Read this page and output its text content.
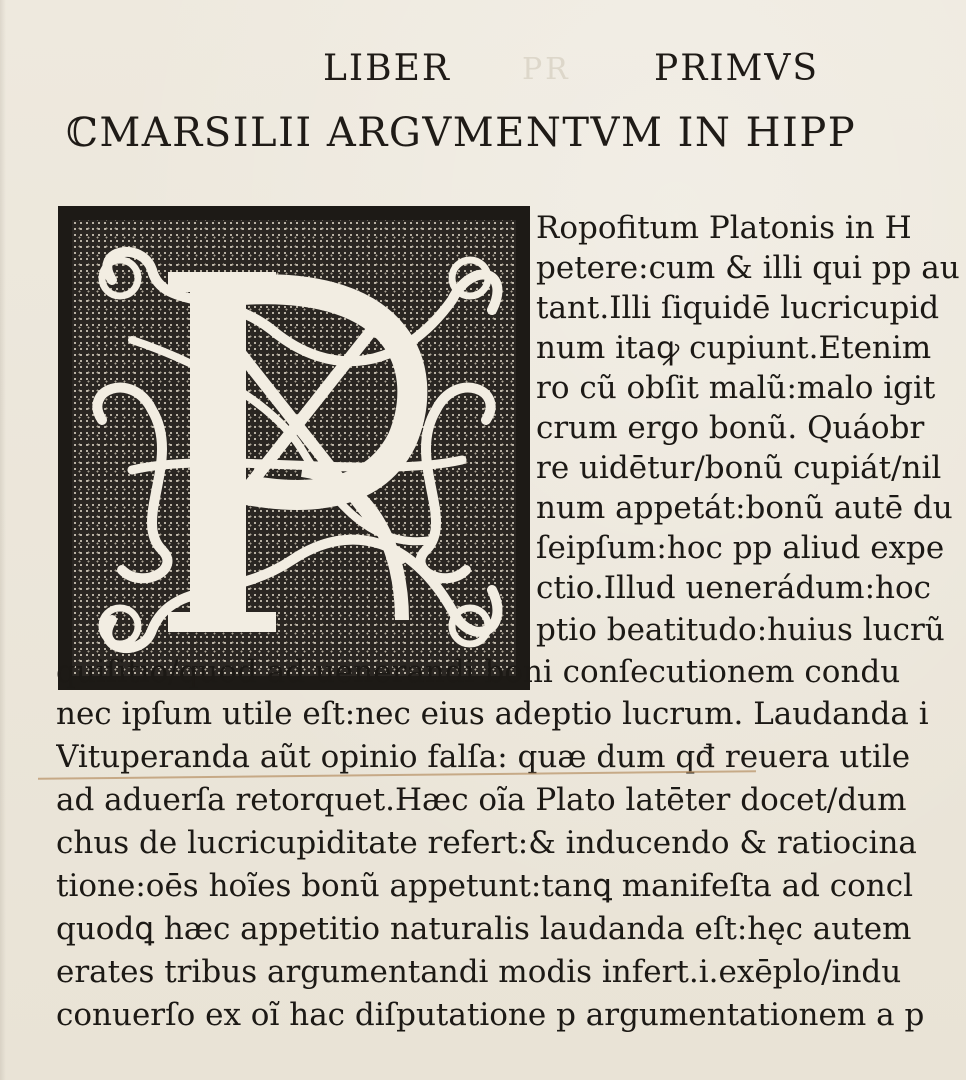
PR
LIBER	PRIMVS
ℂMARSILII ARGVMENTVM IN HIPP
Ropofitum Platonis in H
petere:cum & illi qui pp au
tant.Illi ſiquidē lucricupid
num itaꝙ cupiunt.Etenim
ro cũ obſit malũ:malo igit
crum ergo bonũ. Quáobr
re uidētur/bonũ cupiát/nil
num appetát:bonũ autē du
ſeipſum:hoc pp aliud expe
ctio.Illud uenerádum:hoc
ptio beatitudo:huius lucrũ
quiſitio/quod ad uenerandi boni conſecutionem condu
nec ipſum utile eſt:nec eius adeptio lucrum. Laudanda i
Vituperanda aũt opinio falſa: quæ dum qđ reuera utile
ad aduerſa retorquet.Hæc oĩa Plato latēter docet/dum
chus de lucricupiditate refert:& inducendo & ratiocina
tione:oēs hoĩes bonũ appetunt:tanꝗ manifeſta ad concl
quodꝗ hæc appetitio naturalis laudanda eſt:hęc autem
erates tribus argumentandi modis infert.i.exēplo/indu
conuerſo ex oĩ hac diſputatione p argumentationem a p
